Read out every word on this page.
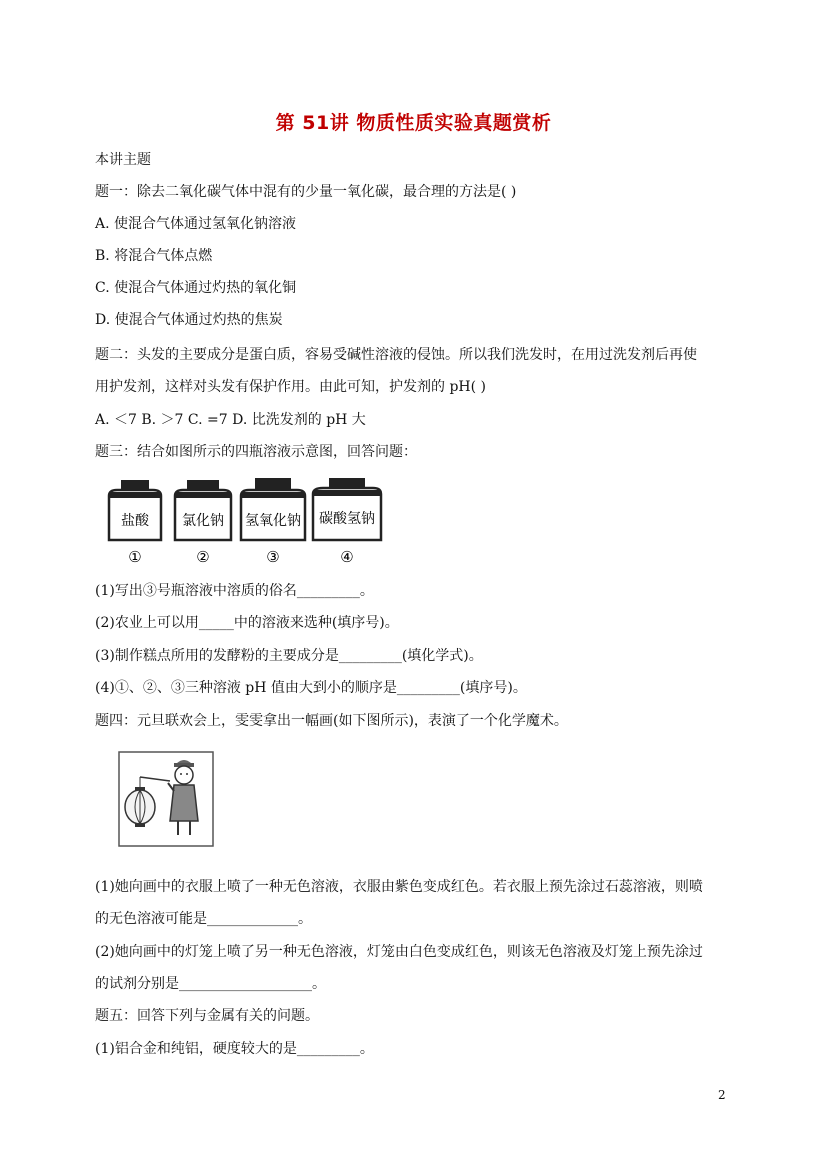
第 51讲 物质性质实验真题赏析
本讲主题
题一：除去二氧化碳气体中混有的少量一氧化碳，最合理的方法是( )
A. 使混合气体通过氢氧化钠溶液
B. 将混合气体点燃
C. 使混合气体通过灼热的氧化铜
D. 使混合气体通过灼热的焦炭
题二：头发的主要成分是蛋白质，容易受碱性溶液的侵蚀。所以我们洗发时，在用过洗发剂后再使
用护发剂，这样对头发有保护作用。由此可知，护发剂的 pH( )
A. ＜7 B. ＞7 C. =7 D. 比洗发剂的 pH 大
题三：结合如图所示的四瓶溶液示意图，回答问题：
盐酸
①
氯化钠
②
氢氧化钠
③
碳酸氢钠
④
(1)写出③号瓶溶液中溶质的俗名_________。
(2)农业上可以用_____中的溶液来选种(填序号)。
(3)制作糕点所用的发酵粉的主要成分是_________(填化学式)。
(4)①、②、③三种溶液 pH 值由大到小的顺序是_________(填序号)。
题四：元旦联欢会上，雯雯拿出一幅画(如下图所示)，表演了一个化学魔术。
(1)她向画中的衣服上喷了一种无色溶液，衣服由紫色变成红色。若衣服上预先涂过石蕊溶液，则喷
的无色溶液可能是_____________。
(2)她向画中的灯笼上喷了另一种无色溶液，灯笼由白色变成红色，则该无色溶液及灯笼上预先涂过
的试剂分别是___________________。
题五：回答下列与金属有关的问题。
(1)铝合金和纯铝，硬度较大的是_________。
2
